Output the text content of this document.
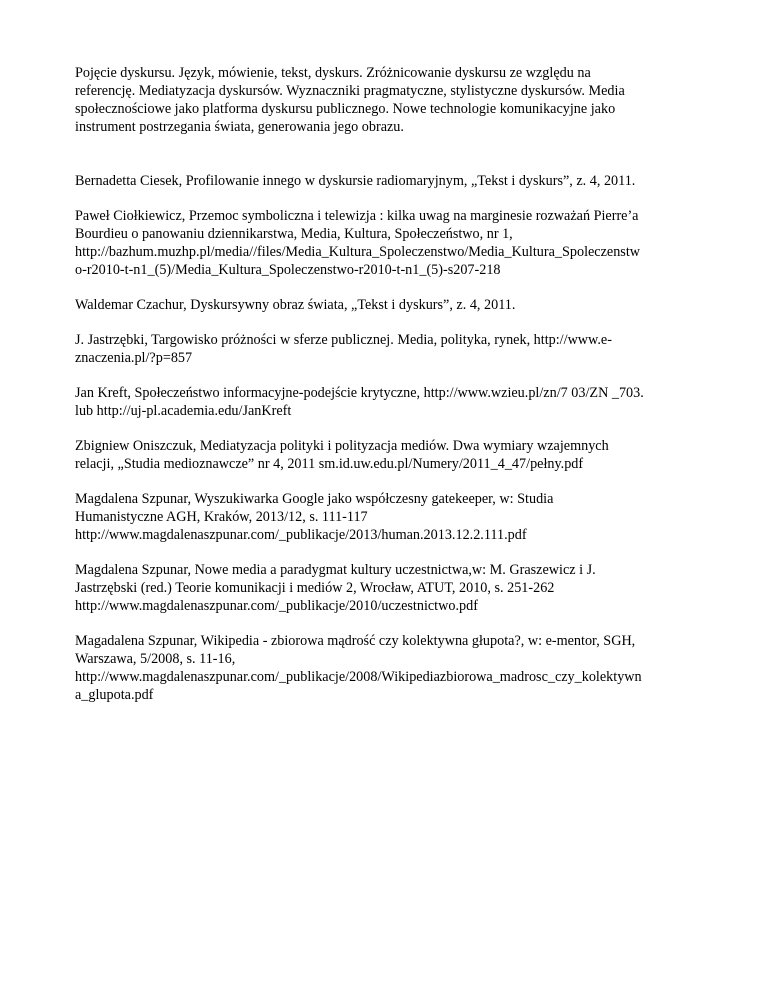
Pojęcie dyskursu. Język, mówienie, tekst, dyskurs. Zróżnicowanie dyskursu ze względu na
referencję. Mediatyzacja dyskursów. Wyznaczniki pragmatyczne, stylistyczne dyskursów. Media
społecznościowe jako platforma dyskursu publicznego. Nowe technologie komunikacyjne jako
instrument postrzegania świata, generowania jego obrazu.

Bernadetta Ciesek, Profilowanie innego w dyskursie radiomaryjnym, „Tekst i dyskurs”, z. 4, 2011.

Paweł Ciołkiewicz, Przemoc symboliczna i telewizja : kilka uwag na marginesie rozważań Pierre’a
Bourdieu o panowaniu dziennikarstwa, Media, Kultura, Społeczeństwo, nr 1,
http://bazhum.muzhp.pl/media//files/Media_Kultura_Spoleczenstwo/Media_Kultura_Spoleczenstw
o-r2010-t-n1_(5)/Media_Kultura_Spoleczenstwo-r2010-t-n1_(5)-s207-218

Waldemar Czachur, Dyskursywny obraz świata, „Tekst i dyskurs”, z. 4, 2011.

J. Jastrzębki, Targowisko próżności w sferze publicznej. Media, polityka, rynek, http://www.e-
znaczenia.pl/?p=857

Jan Kreft, Społeczeństwo informacyjne-podejście krytyczne, http://www.wzieu.pl/zn/7 03/ZN _703.
lub http://uj-pl.academia.edu/JanKreft

Zbigniew Oniszczuk, Mediatyzacja polityki i polityzacja mediów. Dwa wymiary wzajemnych
relacji, „Studia medioznawcze” nr 4, 2011 sm.id.uw.edu.pl/Numery/2011_4_47/pełny.pdf

Magdalena Szpunar, Wyszukiwarka Google jako współczesny gatekeeper, w: Studia
Humanistyczne AGH, Kraków, 2013/12, s. 111-117
http://www.magdalenaszpunar.com/_publikacje/2013/human.2013.12.2.111.pdf

Magdalena Szpunar, Nowe media a paradygmat kultury uczestnictwa,w: M. Graszewicz i J.
Jastrzębski (red.) Teorie komunikacji i mediów 2, Wrocław, ATUT, 2010, s. 251-262
http://www.magdalenaszpunar.com/_publikacje/2010/uczestnictwo.pdf

Magadalena Szpunar, Wikipedia - zbiorowa mądrość czy kolektywna głupota?, w: e-mentor, SGH,
Warszawa, 5/2008, s. 11-16,
http://www.magdalenaszpunar.com/_publikacje/2008/Wikipediazbiorowa_madrosc_czy_kolektywn
a_glupota.pdf
